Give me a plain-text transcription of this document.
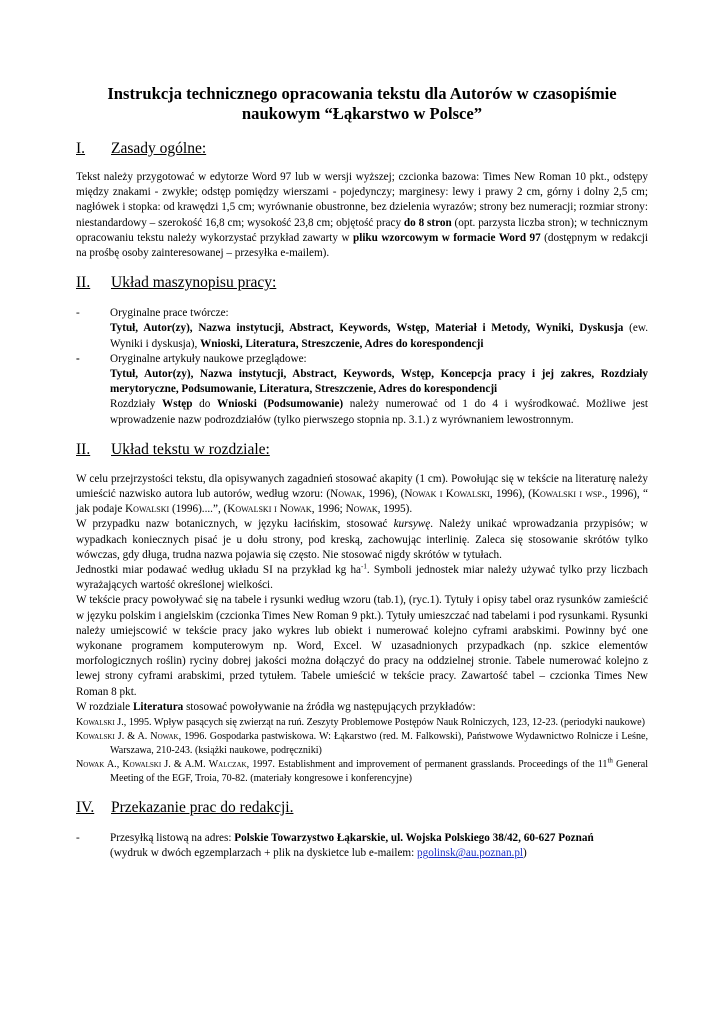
Instrukcja technicznego opracowania tekstu dla Autorów w czasopiśmie
naukowym “Łąkarstwo w Polsce”
I.	Zasady ogólne:

Tekst należy przygotować w edytorze Word 97 lub w wersji wyższej; czcionka bazowa: Times New Roman 10 pkt., odstępy między znakami - zwykłe; odstęp pomiędzy wierszami - pojedynczy; marginesy: lewy i prawy 2 cm, górny i dolny 2,5 cm; nagłówek i stopka: od krawędzi 1,5 cm; wyrównanie obustronne, bez dzielenia wyrazów; strony bez numeracji; rozmiar strony: niestandardowy – szerokość 16,8 cm; wysokość 23,8 cm; objętość pracy do 8 stron (opt. parzysta liczba stron); w technicznym opracowaniu tekstu należy wykorzystać przykład zawarty w pliku wzorcowym w formacie Word 97 (dostępnym w redakcji na prośbę osoby zainteresowanej – przesyłka e-mailem).

II.	Układ maszynopisu pracy:
-	Oryginalne prace twórcze:
Tytuł, Autor(zy), Nazwa instytucji, Abstract, Keywords, Wstęp, Materiał i Metody, Wyniki, Dyskusja (ew. Wyniki i dyskusja), Wnioski, Literatura, Streszczenie, Adres do korespondencji
-	Oryginalne artykuły naukowe przeglądowe:
Tytuł, Autor(zy), Nazwa instytucji, Abstract, Keywords, Wstęp, Koncepcja pracy i jej zakres, Rozdziały merytoryczne, Podsumowanie, Literatura, Streszczenie, Adres do korespondencji
Rozdziały Wstęp do Wnioski (Podsumowanie) należy numerować od 1 do 4 i wyśrodkować. Możliwe jest wprowadzenie nazw podrozdziałów (tylko pierwszego stopnia np. 3.1.) z wyrównaniem lewostronnym.
II.	Układ tekstu w rozdziale:

W celu przejrzystości tekstu, dla opisywanych zagadnień stosować akapity (1 cm). Powołując się w tekście na literaturę należy umieścić nazwisko autora lub autorów, według wzoru: (Nowak, 1996), (Nowak i Kowalski, 1996), (Kowalski i wsp., 1996), “ jak podaje Kowalski (1996)....”, (Kowalski i Nowak, 1996; Nowak, 1995).

W przypadku nazw botanicznych, w języku łacińskim, stosować kursywę. Należy unikać wprowadzania przypisów; w wypadkach koniecznych pisać je u dołu strony, pod kreską, zachowując interlinię. Zaleca się stosowanie skrótów tylko wówczas, gdy długa, trudna nazwa pojawia się często. Nie stosować nigdy skrótów w tytułach.

Jednostki miar podawać według układu SI na przykład kg $ha^{-1}$. Symboli jednostek miar należy używać tylko przy liczbach wyrażających wartość określonej wielkości.

W tekście pracy powoływać się na tabele i rysunki według wzoru (tab.1), (ryc.1). Tytuły i opisy tabel oraz rysunków zamieścić w języku polskim i angielskim (czcionka Times New Roman 9 pkt.). Tytuły umieszczać nad tabelami i pod rysunkami. Rysunki należy umiejscowić w tekście pracy jako wykres lub obiekt i numerować kolejno cyframi arabskimi. Powinny być one wykonane programem komputerowym np. Word, Excel. W uzasadnionych przypadkach (np. szkice elementów morfologicznych roślin) ryciny dobrej jakości można dołączyć do pracy na oddzielnej stronie. Tabele numerować kolejno z lewej strony cyframi arabskimi, przed tytułem. Tabele umieścić w tekście pracy. Zawartość tabel – czcionka Times New Roman 8 pkt.

W rozdziale Literatura stosować powoływanie na źródła wg następujących przykładów:

Kowalski J., 1995. Wpływ pasących się zwierząt na ruń. Zeszyty Problemowe Postępów Nauk Rolniczych, 123, 12-23. (periodyki naukowe)

Kowalski J. & A. Nowak, 1996. Gospodarka pastwiskowa. W: Łąkarstwo (red. M. Falkowski), Państwowe Wydawnictwo Rolnicze i Leśne, Warszawa, 210-243. (książki naukowe, podręczniki)

Nowak A., Kowalski J. & A.M. Walczak, 1997. Establishment and improvement of permanent grasslands. Proceedings of the 11th General Meeting of the EGF, Troia, 70-82. (materiały kongresowe i konferencyjne)

IV.	Przekazanie prac do redakcji.
-	Przesyłką listową na adres: Polskie Towarzystwo Łąkarskie, ul. Wojska Polskiego 38/42, 60-627 Poznań
(wydruk w dwóch egzemplarzach + plik na dyskietce lub e-mailem: pgolinsk@au.poznan.pl)
